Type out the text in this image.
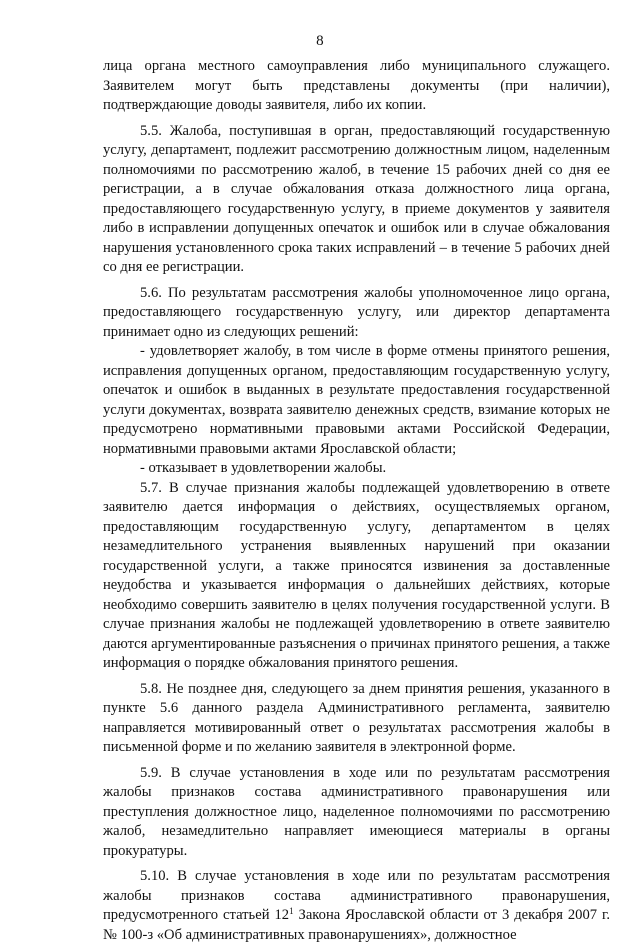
8

лица органа местного самоуправления либо муниципального служащего. Заявителем могут быть представлены документы (при наличии), подтверждающие доводы заявителя, либо их копии.

5.5. Жалоба, поступившая в орган, предоставляющий государственную услугу, департамент, подлежит рассмотрению должностным лицом, наделенным полномочиями по рассмотрению жалоб, в течение 15 рабочих дней со дня ее регистрации, а в случае обжалования отказа должностного лица органа, предоставляющего государственную услугу, в приеме документов у заявителя либо в исправлении допущенных опечаток и ошибок или в случае обжалования нарушения установленного срока таких исправлений – в течение 5 рабочих дней со дня ее регистрации.

5.6. По результатам рассмотрения жалобы уполномоченное лицо органа, предоставляющего государственную услугу, или директор департамента принимает одно из следующих решений:

- удовлетворяет жалобу, в том числе в форме отмены принятого решения, исправления допущенных органом, предоставляющим государственную услугу, опечаток и ошибок в выданных в результате предоставления государственной услуги документах, возврата заявителю денежных средств, взимание которых не предусмотрено нормативными правовыми актами Российской Федерации, нормативными правовыми актами Ярославской области;

- отказывает в удовлетворении жалобы.

5.7. В случае признания жалобы подлежащей удовлетворению в ответе заявителю дается информация о действиях, осуществляемых органом, предоставляющим государственную услугу, департаментом в целях незамедлительного устранения выявленных нарушений при оказании государственной услуги, а также приносятся извинения за доставленные неудобства и указывается информация о дальнейших действиях, которые необходимо совершить заявителю в целях получения государственной услуги. В случае признания жалобы не подлежащей удовлетворению в ответе заявителю даются аргументированные разъяснения о причинах принятого решения, а также информация о порядке обжалования принятого решения.

5.8. Не позднее дня, следующего за днем принятия решения, указанного в пункте 5.6 данного раздела Административного регламента, заявителю направляется мотивированный ответ о результатах рассмотрения жалобы в письменной форме и по желанию заявителя в электронной форме.

5.9. В случае установления в ходе или по результатам рассмотрения жалобы признаков состава административного правонарушения или преступления должностное лицо, наделенное полномочиями по рассмотрению жалоб, незамедлительно направляет имеющиеся материалы в органы прокуратуры.

5.10. В случае установления в ходе или по результатам рассмотрения жалобы признаков состава административного правонарушения, предусмотренного статьей $12^1$ Закона Ярославской области от 3 декабря 2007 г. № 100-з «Об административных правонарушениях», должностное
